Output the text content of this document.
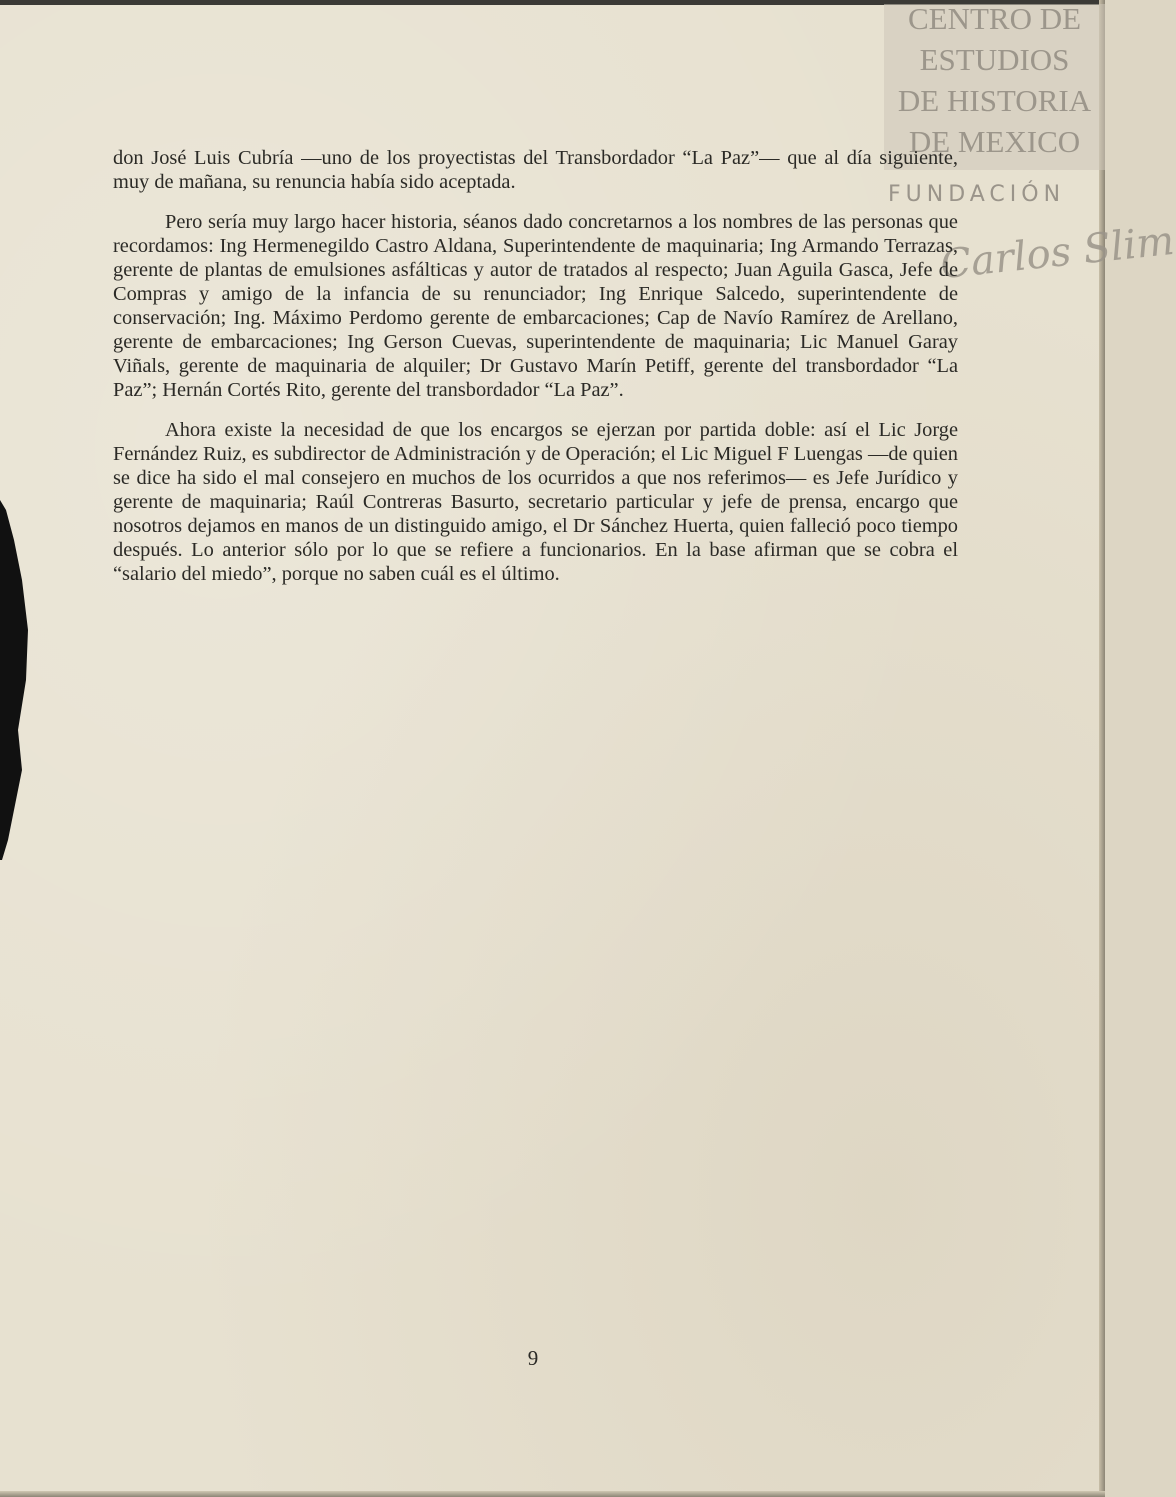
CENTRO DE
ESTUDIOS
DE HISTORIA
DE MEXICO
FUNDACIÓN
Carlos Slim

don José Luis Cubría —uno de los proyectistas del Transbordador “La Paz”— que al día siguiente, muy de mañana, su renuncia había sido aceptada.

Pero sería muy largo hacer historia, séanos dado concretarnos a los nombres de las personas que recordamos: Ing Hermenegildo Castro Aldana, Superintendente de maquinaria; Ing Armando Terrazas, gerente de plantas de emulsiones asfálticas y autor de tratados al respecto; Juan Aguila Gasca, Jefe de Compras y amigo de la infancia de su renunciador; Ing Enrique Salcedo, superintendente de conservación; Ing. Máximo Perdomo gerente de embarcaciones; Cap de Navío Ramírez de Arellano, gerente de embarcaciones; Ing Gerson Cuevas, superintendente de maquinaria; Lic Manuel Garay Viñals, gerente de maquinaria de alquiler; Dr Gustavo Marín Petiff, gerente del transbordador “La Paz”; Hernán Cortés Rito, gerente del transbordador “La Paz”.

Ahora existe la necesidad de que los encargos se ejerzan por partida doble: así el Lic Jorge Fernández Ruiz, es subdirector de Administración y de Operación; el Lic Miguel F Luengas —de quien se dice ha sido el mal consejero en muchos de los ocurridos a que nos referimos— es Jefe Jurídico y gerente de maquinaria; Raúl Contreras Basurto, secretario particular y jefe de prensa, encargo que nosotros dejamos en manos de un distinguido amigo, el Dr Sánchez Huerta, quien falleció poco tiempo después. Lo anterior sólo por lo que se refiere a funcionarios. En la base afirman que se cobra el “salario del miedo”, porque no saben cuál es el último.

9
